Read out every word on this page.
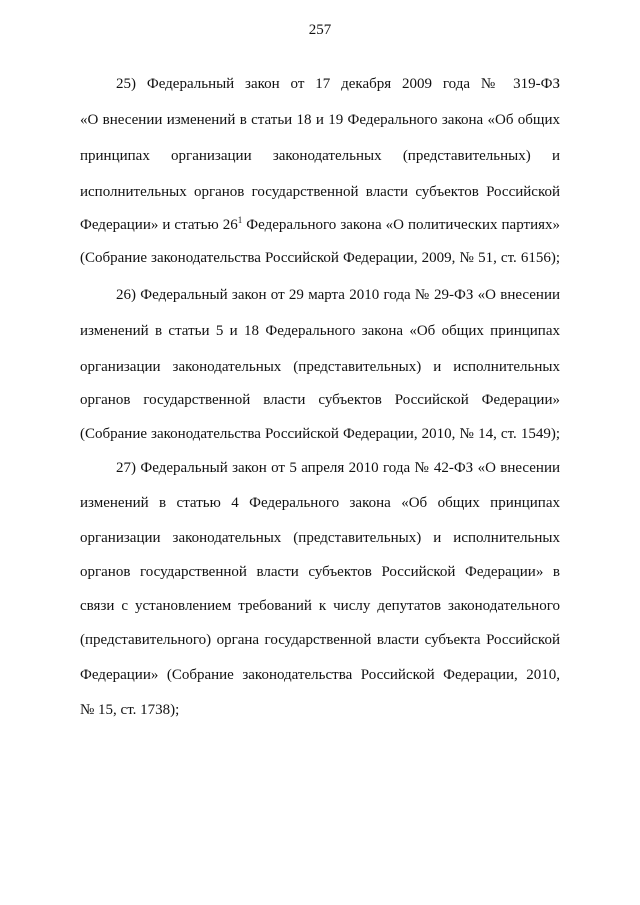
257
25) Федеральный закон от 17 декабря 2009 года № 319-ФЗ
«О внесении изменений в статьи 18 и 19 Федерального закона «Об общих
принципах организации законодательных (представительных) и
исполнительных органов государственной власти субъектов Российской
Федерации» и статью $26^1$ Федерального закона «О политических партиях»
(Собрание законодательства Российской Федерации, 2009, № 51, ст. 6156);
26) Федеральный закон от 29 марта 2010 года № 29-ФЗ «О внесении
изменений в статьи 5 и 18 Федерального закона «Об общих принципах
организации законодательных (представительных) и исполнительных
органов государственной власти субъектов Российской Федерации»
(Собрание законодательства Российской Федерации, 2010, № 14, ст. 1549);
27) Федеральный закон от 5 апреля 2010 года № 42-ФЗ «О внесении
изменений в статью 4 Федерального закона «Об общих принципах
организации законодательных (представительных) и исполнительных
органов государственной власти субъектов Российской Федерации» в
связи с установлением требований к числу депутатов законодательного
(представительного) органа государственной власти субъекта Российской
Федерации» (Собрание законодательства Российской Федерации, 2010,
№ 15, ст. 1738);
